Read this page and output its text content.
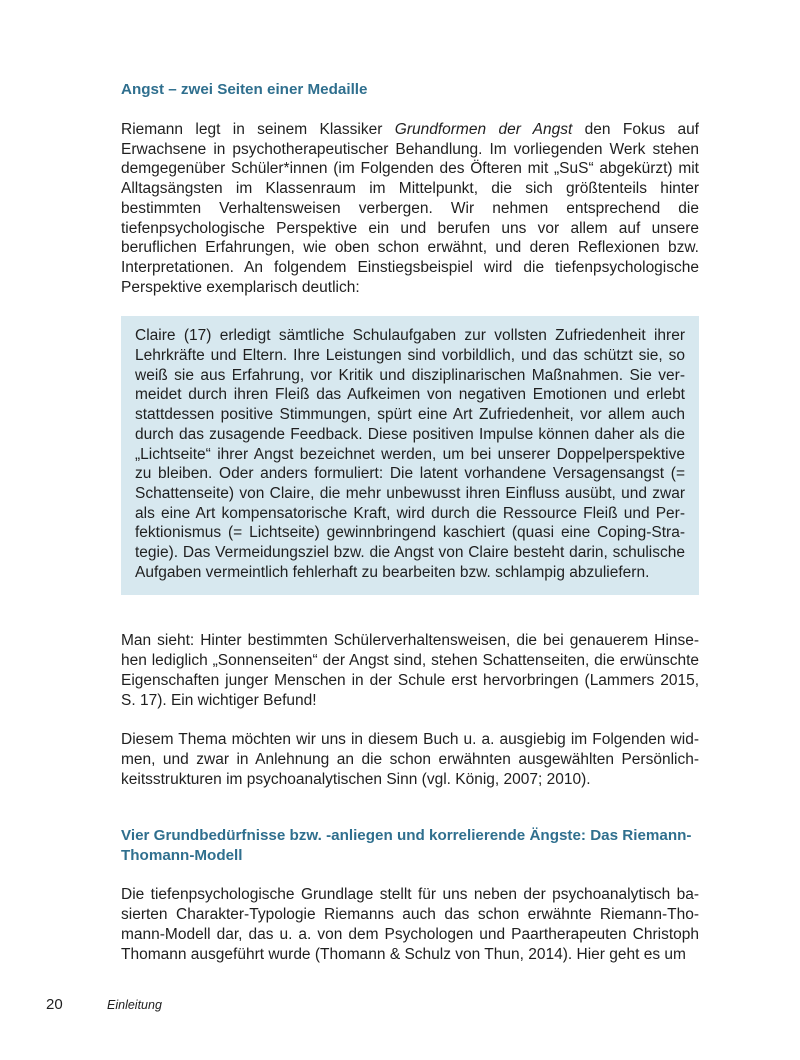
Angst – zwei Seiten einer Medaille

Riemann legt in seinem Klassiker Grundformen der Angst den Fokus auf Erwachsene in psychotherapeutischer Behandlung. Im vorliegenden Werk stehen demgegenüber Schüler*innen (im Folgenden des Öfteren mit „SuS“ abgekürzt) mit Alltagsängsten im Klassenraum im Mittelpunkt, die sich größtenteils hinter bestimmten Verhaltensweisen verbergen. Wir nehmen entsprechend die tiefenpsychologische Perspektive ein und berufen uns vor allem auf unsere beruflichen Erfahrungen, wie oben schon erwähnt, und deren Reflexionen bzw. Interpretationen. An folgendem Einstiegsbeispiel wird die tiefenpsychologische Perspektive exemplarisch deutlich:

Claire (17) erledigt sämtliche Schulaufgaben zur vollsten Zufriedenheit ihrer Lehrkräfte und Eltern. Ihre Leistungen sind vorbildlich, und das schützt sie, so weiß sie aus Erfahrung, vor Kritik und disziplinarischen Maßnahmen. Sie vermeidet durch ihren Fleiß das Aufkeimen von negativen Emotionen und erlebt stattdessen positive Stimmungen, spürt eine Art Zufriedenheit, vor allem auch durch das zusagende Feedback. Diese positiven Impulse können daher als die „Lichtseite“ ihrer Angst bezeichnet werden, um bei unserer Doppelperspektive zu bleiben. Oder anders formuliert: Die latent vorhandene Versagensangst (= Schattenseite) von Claire, die mehr unbewusst ihren Einfluss ausübt, und zwar als eine Art kompensatorische Kraft, wird durch die Ressource Fleiß und Perfektionismus (= Lichtseite) gewinnbringend kaschiert (quasi eine Coping-Strategie). Das Vermeidungsziel bzw. die Angst von Claire besteht darin, schulische Aufgaben vermeintlich fehlerhaft zu bearbeiten bzw. schlampig abzuliefern.

Man sieht: Hinter bestimmten Schülerverhaltensweisen, die bei genauerem Hinsehen lediglich „Sonnenseiten“ der Angst sind, stehen Schattenseiten, die erwünschte Eigenschaften junger Menschen in der Schule erst hervorbringen (Lammers 2015, S. 17). Ein wichtiger Befund!

Diesem Thema möchten wir uns in diesem Buch u. a. ausgiebig im Folgenden widmen, und zwar in Anlehnung an die schon erwähnten ausgewählten Persönlichkeitsstrukturen im psychoanalytischen Sinn (vgl. König, 2007; 2010).

Vier Grundbedürfnisse bzw. -anliegen und korrelierende Ängste: Das Riemann-Thomann-Modell

Die tiefenpsychologische Grundlage stellt für uns neben der psychoanalytisch basierten Charakter-Typologie Riemanns auch das schon erwähnte Riemann-Thomann-Modell dar, das u. a. von dem Psychologen und Paartherapeuten Christoph Thomann ausgeführt wurde (Thomann & Schulz von Thun, 2014). Hier geht es um

20	Einleitung
